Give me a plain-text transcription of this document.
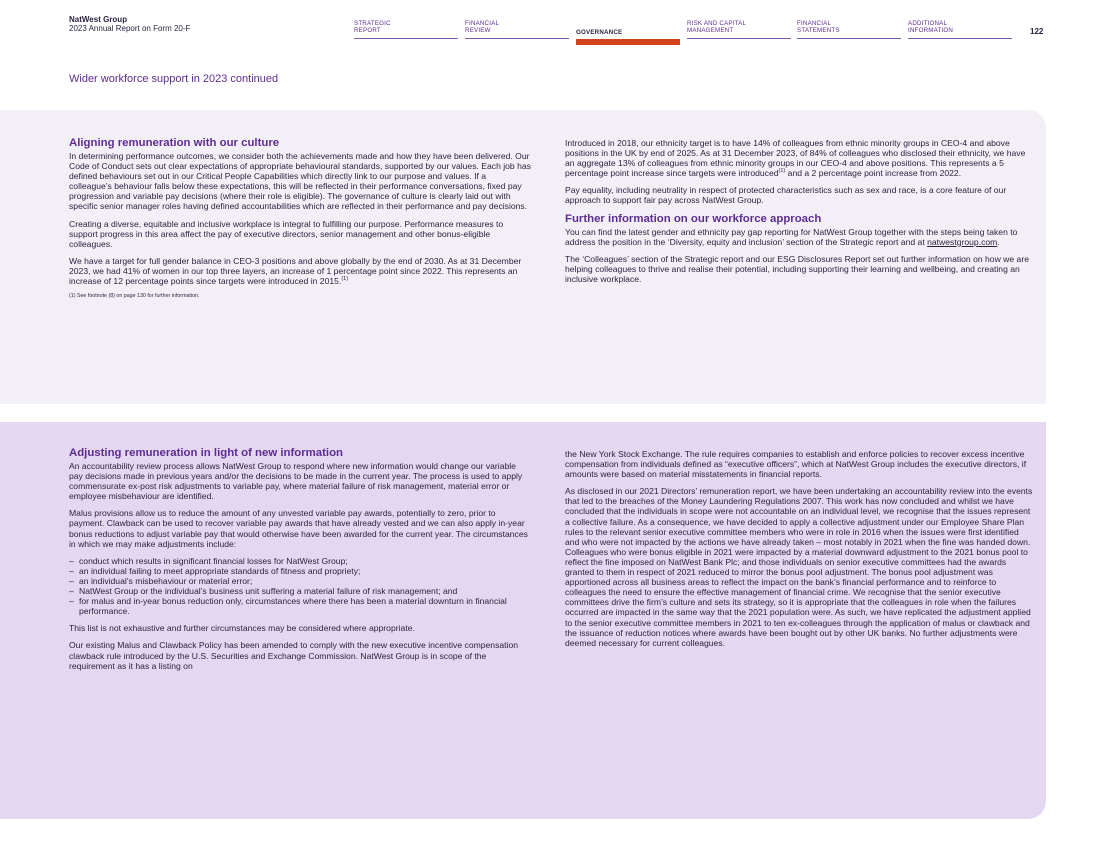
NatWest Group
2023 Annual Report on Form 20-F
STRATEGIC
REPORT
FINANCIAL
REVIEW	GOVERNANCE
RISK AND CAPITAL
MANAGEMENT
FINANCIAL
STATEMENTS
ADDITIONAL
INFORMATION	122
Wider workforce support in 2023 continued
Aligning remuneration with our culture

In determining performance outcomes, we consider both the achievements made and how they have been delivered. Our Code of Conduct sets out clear expectations of appropriate behavioural standards, supported by our values. Each job has defined behaviours set out in our Critical People Capabilities which directly link to our purpose and values. If a colleague’s behaviour falls below these expectations, this will be reflected in their performance conversations, fixed pay progression and variable pay decisions (where their role is eligible). The governance of culture is clearly laid out with specific senior manager roles having defined accountabilities which are reflected in their performance and pay decisions.

Creating a diverse, equitable and inclusive workplace is integral to fulfilling our purpose. Performance measures to support progress in this area affect the pay of executive directors, senior management and other bonus-eligible colleagues.

We have a target for full gender balance in CEO-3 positions and above globally by the end of 2030. As at 31 December 2023, we had 41% of women in our top three layers, an increase of 1 percentage point since 2022. This represents an increase of 12 percentage points since targets were introduced in 2015.$^{(1)}$

(1) See footnote (8) on page 130 for further information.

Introduced in 2018, our ethnicity target is to have 14% of colleagues from ethnic minority groups in CEO-4 and above positions in the UK by end of 2025. As at 31 December 2023, of 84% of colleagues who disclosed their ethnicity, we have an aggregate 13% of colleagues from ethnic minority groups in our CEO-4 and above positions. This represents a 5 percentage point increase since targets were introduced$^{(1)}$ and a 2 percentage point increase from 2022.

Pay equality, including neutrality in respect of protected characteristics such as sex and race, is a core feature of our approach to support fair pay across NatWest Group.

Further information on our workforce approach

You can find the latest gender and ethnicity pay gap reporting for NatWest Group together with the steps being taken to address the position in the ‘Diversity, equity and inclusion’ section of the Strategic report and at natwestgroup.com.

The ‘Colleagues’ section of the Strategic report and our ESG Disclosures Report set out further information on how we are helping colleagues to thrive and realise their potential, including supporting their learning and wellbeing, and creating an inclusive workplace.

Adjusting remuneration in light of new information

An accountability review process allows NatWest Group to respond where new information would change our variable pay decisions made in previous years and/or the decisions to be made in the current year. The process is used to apply commensurate ex-post risk adjustments to variable pay, where material failure of risk management, material error or employee misbehaviour are identified.

Malus provisions allow us to reduce the amount of any unvested variable pay awards, potentially to zero, prior to payment. Clawback can be used to recover variable pay awards that have already vested and we can also apply in-year bonus reductions to adjust variable pay that would otherwise have been awarded for the current year. The circumstances in which we may make adjustments include:

– conduct which results in significant financial losses for NatWest Group;
– an individual failing to meet appropriate standards of fitness and propriety;
– an individual’s misbehaviour or material error;
– NatWest Group or the individual’s business unit suffering a material failure of risk management; and
– for malus and in-year bonus reduction only, circumstances where there has been a material downturn in financial performance.

This list is not exhaustive and further circumstances may be considered where appropriate.

Our existing Malus and Clawback Policy has been amended to comply with the new executive incentive compensation clawback rule introduced by the U.S. Securities and Exchange Commission. NatWest Group is in scope of the requirement as it has a listing on

the New York Stock Exchange. The rule requires companies to establish and enforce policies to recover excess incentive compensation from individuals defined as “executive officers”, which at NatWest Group includes the executive directors, if amounts were based on material misstatements in financial reports.

As disclosed in our 2021 Directors’ remuneration report, we have been undertaking an accountability review into the events that led to the breaches of the Money Laundering Regulations 2007. This work has now concluded and whilst we have concluded that the individuals in scope were not accountable on an individual level, we recognise that the issues represent a collective failure. As a consequence, we have decided to apply a collective adjustment under our Employee Share Plan rules to the relevant senior executive committee members who were in role in 2016 when the issues were first identified and who were not impacted by the actions we have already taken – most notably in 2021 when the fine was handed down. Colleagues who were bonus eligible in 2021 were impacted by a material downward adjustment to the 2021 bonus pool to reflect the fine imposed on NatWest Bank Plc; and those individuals on senior executive committees had the awards granted to them in respect of 2021 reduced to mirror the bonus pool adjustment. The bonus pool adjustment was apportioned across all business areas to reflect the impact on the bank’s financial performance and to reinforce to colleagues the need to ensure the effective management of financial crime. We recognise that the senior executive committees drive the firm’s culture and sets its strategy, so it is appropriate that the colleagues in role when the failures occurred are impacted in the same way that the 2021 population were. As such, we have replicated the adjustment applied to the senior executive committee members in 2021 to ten ex-colleagues through the application of malus or clawback and the issuance of reduction notices where awards have been bought out by other UK banks. No further adjustments were deemed necessary for current colleagues.
